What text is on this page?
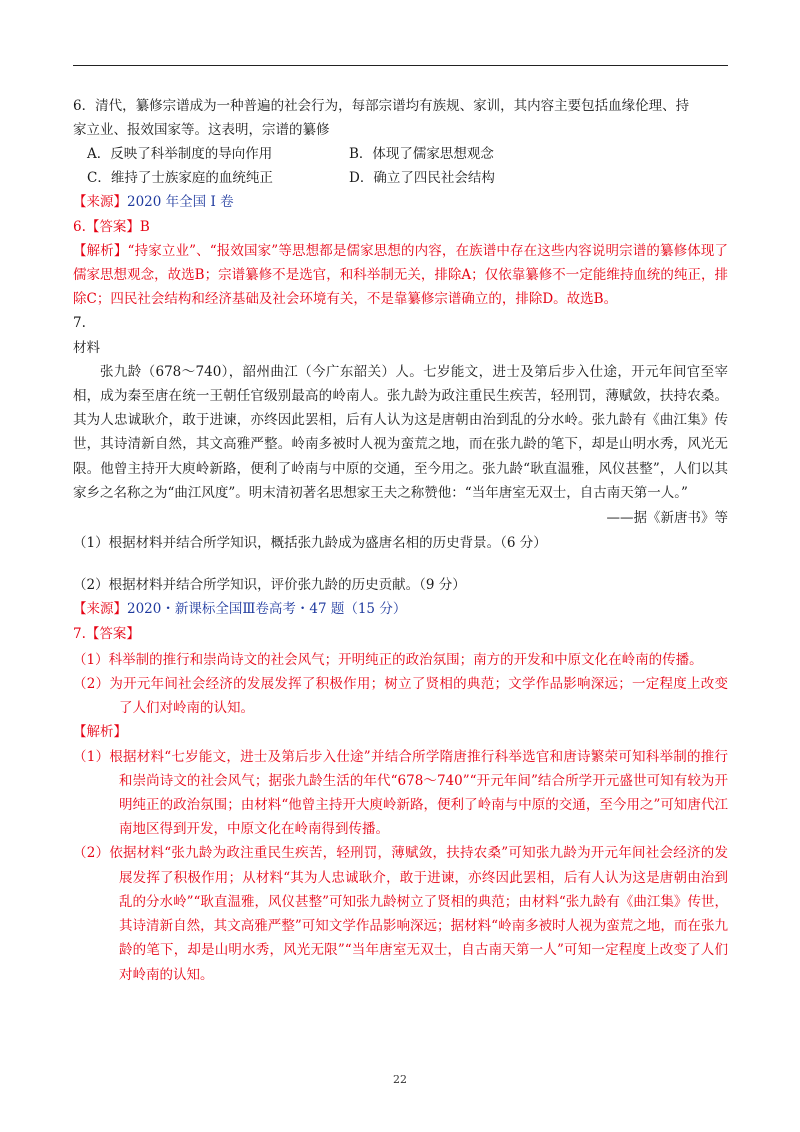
6．清代，纂修宗谱成为一种普遍的社会行为，每部宗谱均有族规、家训，其内容主要包括血缘伦理、持
家立业、报效国家等。这表明，宗谱的纂修
A．反映了科举制度的导向作用	B．体现了儒家思想观念
C．维持了士族家庭的血统纯正	D．确立了四民社会结构
【来源】2020 年全国 I 卷
6.【答案】B
【解析】“持家立业”、“报效国家”等思想都是儒家思想的内容，在族谱中存在这些内容说明宗谱的纂修体现了儒家思想观念，故选B；宗谱纂修不是选官，和科举制无关，排除A；仅依靠纂修不一定能维持血统的纯正，排除C；四民社会结构和经济基础及社会环境有关，不是靠纂修宗谱确立的，排除D。故选B。
7.
材料
张九龄（678～740），韶州曲江（今广东韶关）人。七岁能文，进士及第后步入仕途，开元年间官至宰相，成为秦至唐在统一王朝任官级别最高的岭南人。张九龄为政注重民生疾苦，轻刑罚，薄赋敛，扶持农桑。其为人忠诚耿介，敢于进谏，亦终因此罢相，后有人认为这是唐朝由治到乱的分水岭。张九龄有《曲江集》传世，其诗清新自然，其文高雅严整。岭南多被时人视为蛮荒之地，而在张九龄的笔下，却是山明水秀，风光无限。他曾主持开大庾岭新路，便利了岭南与中原的交通，至今用之。张九龄“耿直温雅，风仪甚整”，人们以其家乡之名称之为“曲江风度”。明末清初著名思想家王夫之称赞他：“当年唐室无双士，自古南天第一人。”
——据《新唐书》等
（1）根据材料并结合所学知识，概括张九龄成为盛唐名相的历史背景。（6 分）
（2）根据材料并结合所学知识，评价张九龄的历史贡献。（9 分）
【来源】2020・新课标全国Ⅲ卷高考・47 题（15 分）
7.【答案】
（1）科举制的推行和崇尚诗文的社会风气；开明纯正的政治氛围；南方的开发和中原文化在岭南的传播。
（2）为开元年间社会经济的发展发挥了积极作用；树立了贤相的典范；文学作品影响深远；一定程度上改变了人们对岭南的认知。
【解析】
（1）根据材料“七岁能文，进士及第后步入仕途”并结合所学隋唐推行科举选官和唐诗繁荣可知科举制的推行和崇尚诗文的社会风气；据张九龄生活的年代“678～740”“开元年间”结合所学开元盛世可知有较为开明纯正的政治氛围；由材料“他曾主持开大庾岭新路，便利了岭南与中原的交通，至今用之”可知唐代江南地区得到开发，中原文化在岭南得到传播。
（2）依据材料“张九龄为政注重民生疾苦，轻刑罚，薄赋敛，扶持农桑”可知张九龄为开元年间社会经济的发展发挥了积极作用；从材料“其为人忠诚耿介，敢于进谏，亦终因此罢相，后有人认为这是唐朝由治到乱的分水岭”“耿直温雅，风仪甚整”可知张九龄树立了贤相的典范；由材料“张九龄有《曲江集》传世，其诗清新自然，其文高雅严整”可知文学作品影响深远；据材料“岭南多被时人视为蛮荒之地，而在张九龄的笔下，却是山明水秀，风光无限”“当年唐室无双士，自古南天第一人”可知一定程度上改变了人们对岭南的认知。
22
